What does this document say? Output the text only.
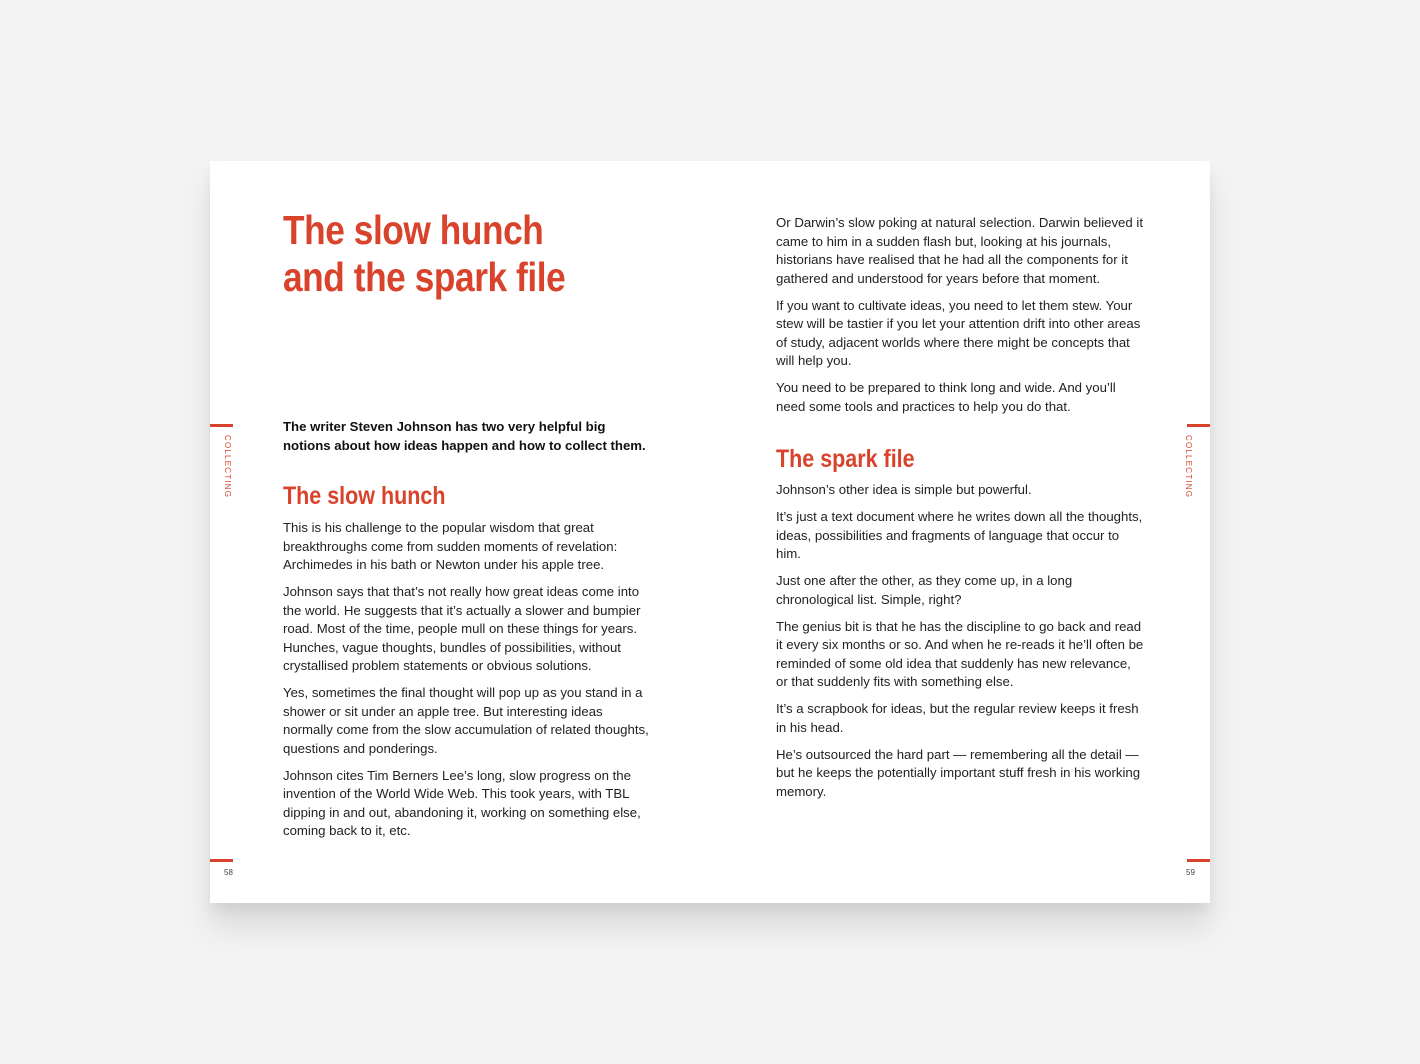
COLLECTING
The slow hunch
and the spark file

The writer Steven Johnson has two very helpful big notions about how ideas happen and how to collect them.

The slow hunch

This is his challenge to the popular wisdom that great breakthroughs come from sudden moments of revelation: Archimedes in his bath or Newton under his apple tree.

Johnson says that that’s not really how great ideas come into the world. He suggests that it’s actually a slower and bumpier road. Most of the time, people mull on these things for years. Hunches, vague thoughts, bundles of possibilities, without crystallised problem statements or obvious solutions.

Yes, sometimes the final thought will pop up as you stand in a shower or sit under an apple tree. But interesting ideas normally come from the slow accumulation of related thoughts, questions and ponderings.

Johnson cites Tim Berners Lee’s long, slow progress on the invention of the World Wide Web. This took years, with TBL dipping in and out, abandoning it, working on something else, coming back to it, etc.

58

Or Darwin’s slow poking at natural selection. Darwin believed it came to him in a sudden flash but, looking at his journals, historians have realised that he had all the components for it gathered and understood for years before that moment.

If you want to cultivate ideas, you need to let them stew. Your stew will be tastier if you let your attention drift into other areas of study, adjacent worlds where there might be concepts that will help you.

You need to be prepared to think long and wide. And you’ll need some tools and practices to help you do that.

The spark file

Johnson’s other idea is simple but powerful.

It’s just a text document where he writes down all the thoughts, ideas, possibilities and fragments of language that occur to him.

Just one after the other, as they come up, in a long chronological list. Simple, right?

The genius bit is that he has the discipline to go back and read it every six months or so. And when he re-reads it he’ll often be reminded of some old idea that suddenly has new relevance, or that suddenly fits with something else.

It’s a scrapbook for ideas, but the regular review keeps it fresh in his head.

He’s outsourced the hard part — remembering all the detail — but he keeps the potentially important stuff fresh in his working memory.

COLLECTING
59
